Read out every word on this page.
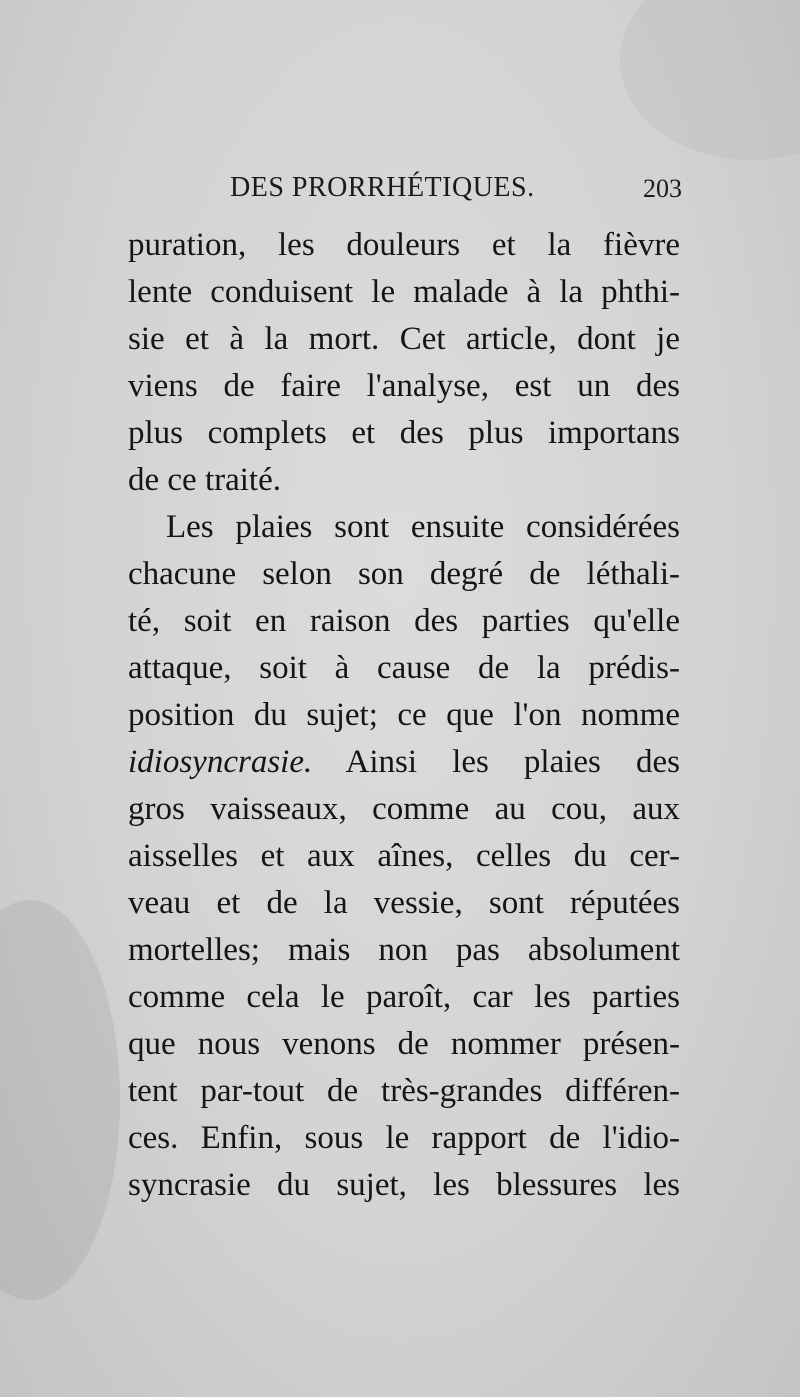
DES PRORRHÉTIQUES.	203
puration, les douleurs et la fièvre
lente conduisent le malade à la phthi-
sie et à la mort. Cet article, dont je
viens de faire l'analyse, est un des
plus complets et des plus importans
de ce traité.
Les plaies sont ensuite considérées
chacune selon son degré de léthali-
té, soit en raison des parties qu'elle
attaque, soit à cause de la prédis-
position du sujet; ce que l'on nomme
idiosyncrasie. Ainsi les plaies des
gros vaisseaux, comme au cou, aux
aisselles et aux aînes, celles du cer-
veau et de la vessie, sont réputées
mortelles; mais non pas absolument
comme cela le paroît, car les parties
que nous venons de nommer présen-
tent par-tout de très-grandes différen-
ces. Enfin, sous le rapport de l'idio-
syncrasie du sujet, les blessures les
